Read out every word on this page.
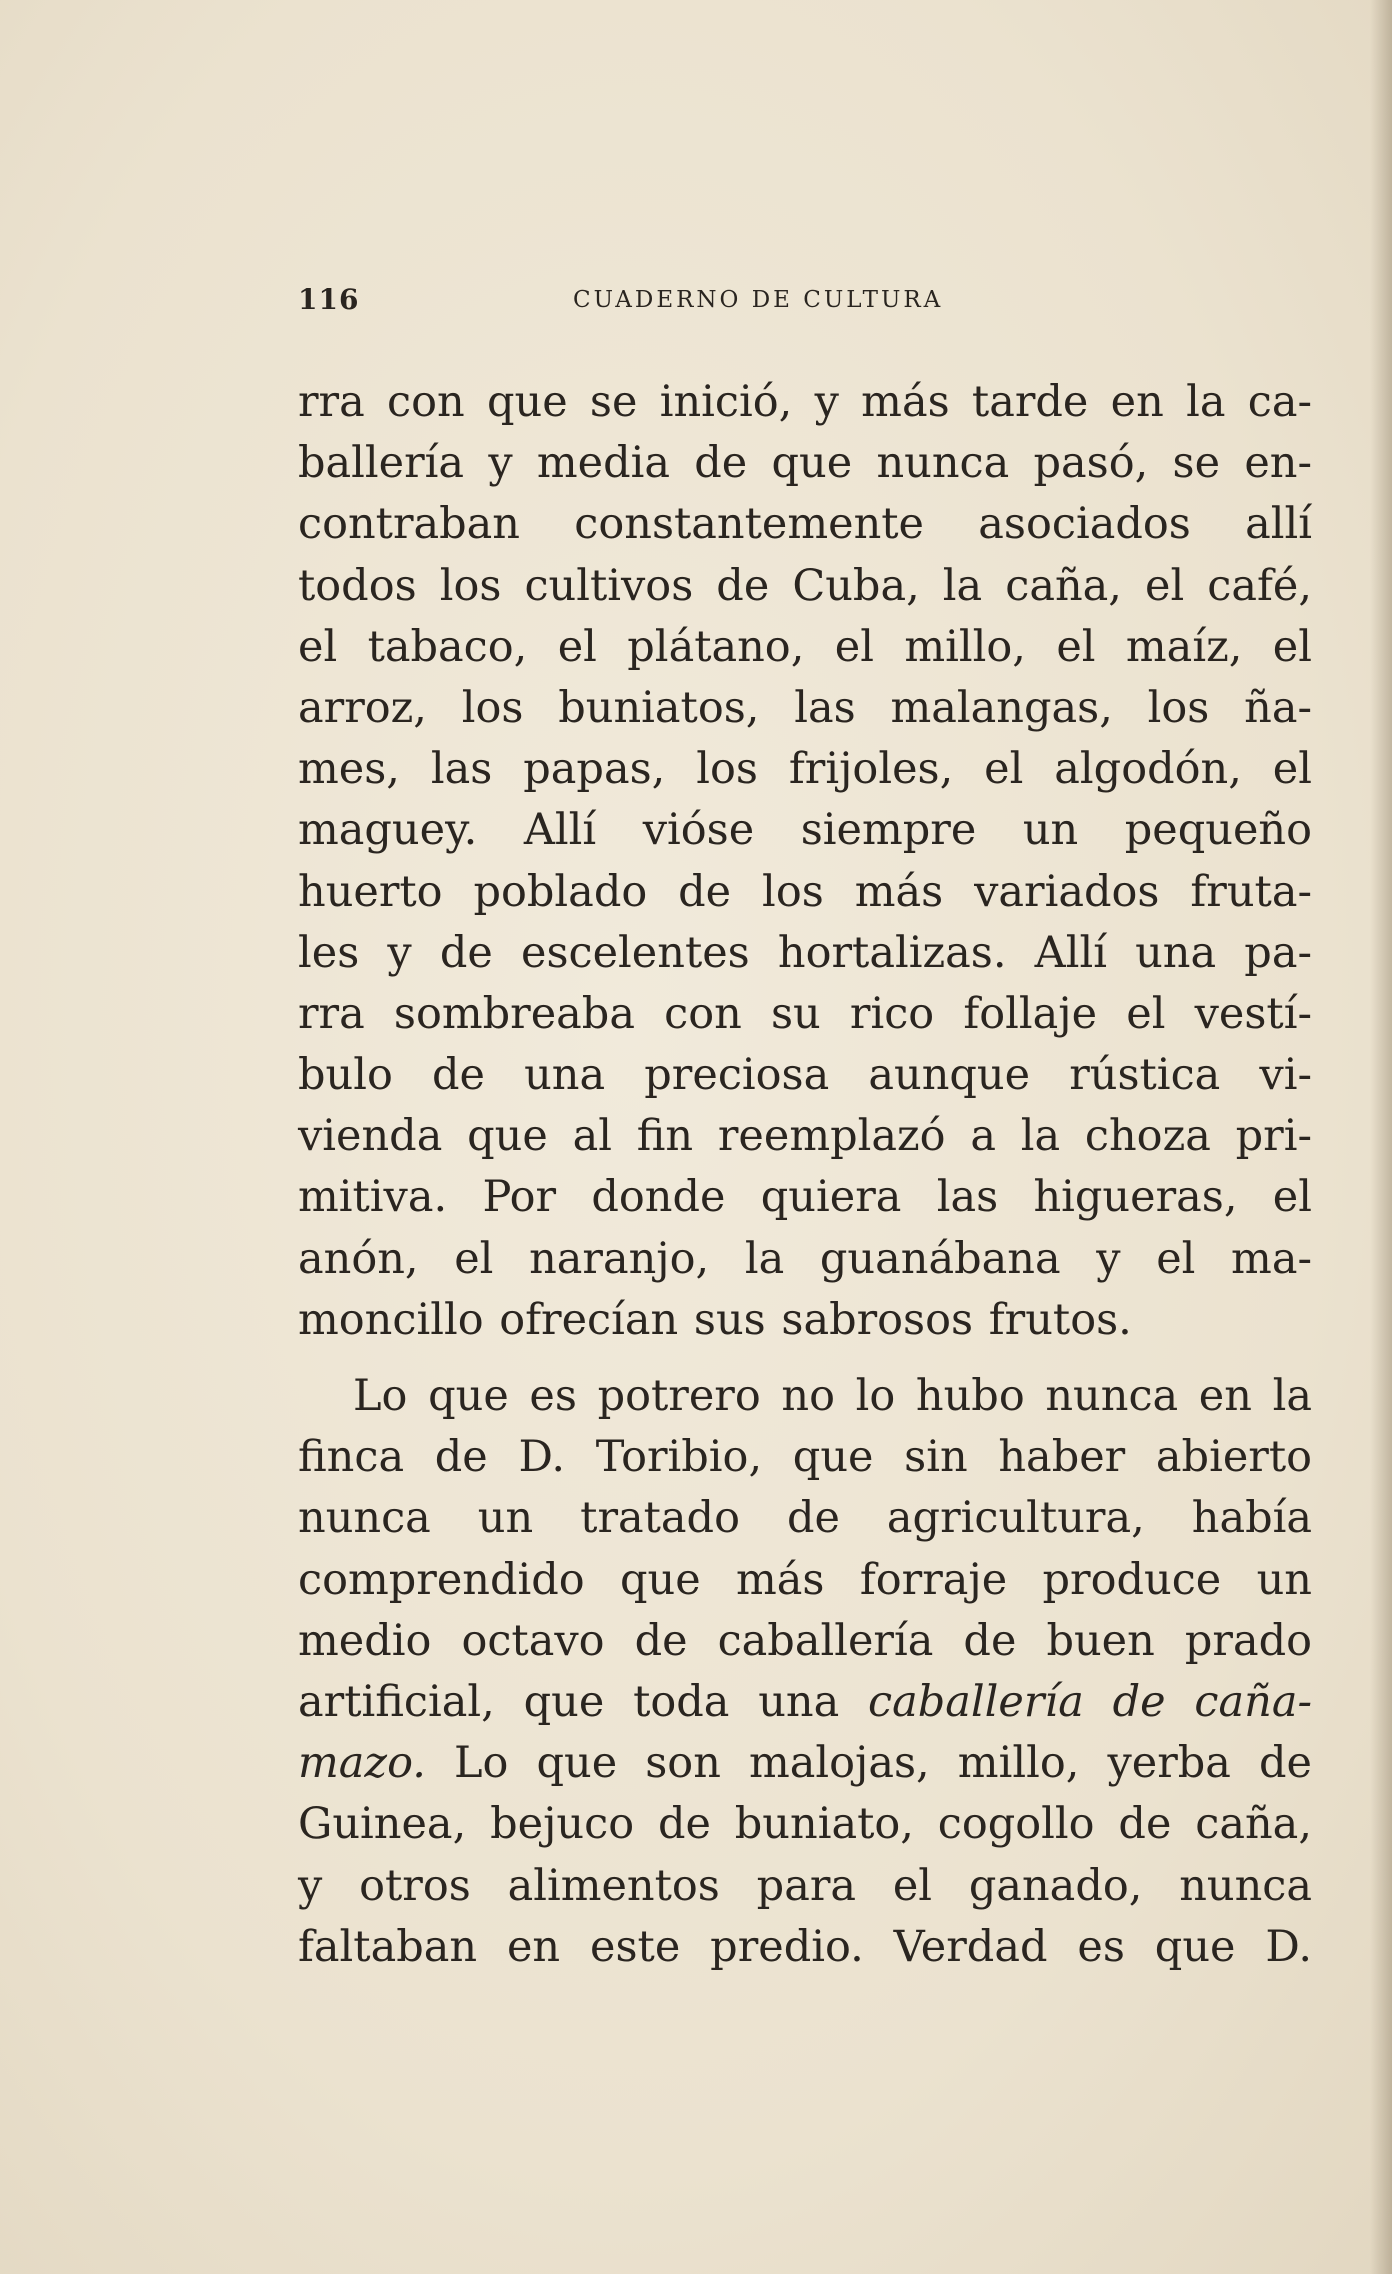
116	CUADERNO DE CULTURA
rra con que se inició, y más tarde en la ca-
ballería y media de que nunca pasó, se en-
contraban constantemente asociados allí
todos los cultivos de Cuba, la caña, el café,
el tabaco, el plátano, el millo, el maíz, el
arroz, los buniatos, las malangas, los ña-
mes, las papas, los frijoles, el algodón, el
maguey. Allí vióse siempre un pequeño
huerto poblado de los más variados fruta-
les y de escelentes hortalizas. Allí una pa-
rra sombreaba con su rico follaje el vestí-
bulo de una preciosa aunque rústica vi-
vienda que al fin reemplazó a la choza pri-
mitiva. Por donde quiera las higueras, el
anón, el naranjo, la guanábana y el ma-
moncillo ofrecían sus sabrosos frutos.
Lo que es potrero no lo hubo nunca en la
finca de D. Toribio, que sin haber abierto
nunca un tratado de agricultura, había
comprendido que más forraje produce un
medio octavo de caballería de buen prado
artificial, que toda una caballería de caña-
mazo. Lo que son malojas, millo, yerba de
Guinea, bejuco de buniato, cogollo de caña,
y otros alimentos para el ganado, nunca
faltaban en este predio. Verdad es que D.
